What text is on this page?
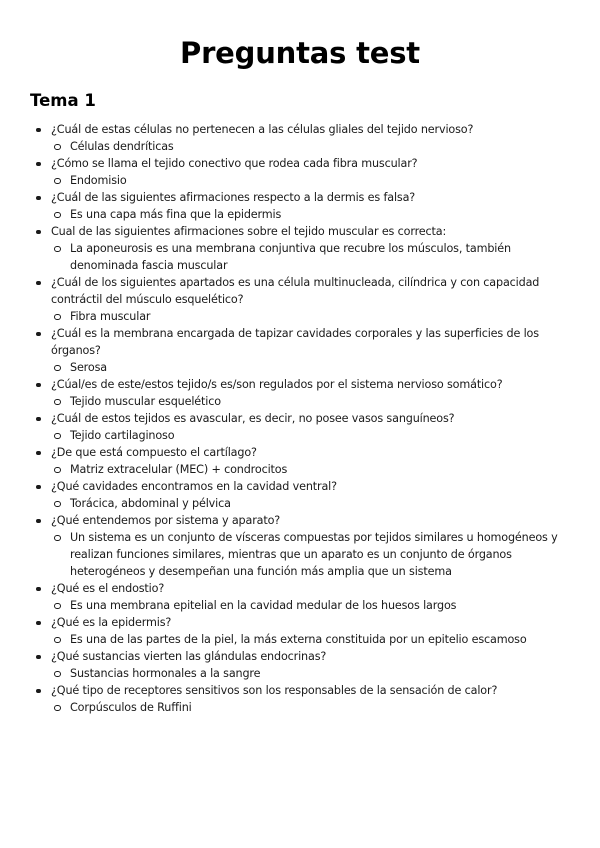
Preguntas test
Tema 1
¿Cuál de estas células no pertenecen a las células gliales del tejido nervioso?
Células dendríticas
¿Cómo se llama el tejido conectivo que rodea cada fibra muscular?
Endomisio
¿Cuál de las siguientes afirmaciones respecto a la dermis es falsa?
Es una capa más fina que la epidermis
Cual de las siguientes afirmaciones sobre el tejido muscular es correcta:
La aponeurosis es una membrana conjuntiva que recubre los músculos, también denominada fascia muscular
¿Cuál de los siguientes apartados es una célula multinucleada, cilíndrica y con capacidad contráctil del músculo esquelético?
Fibra muscular
¿Cuál es la membrana encargada de tapizar cavidades corporales y las superficies de los órganos?
Serosa
¿Cúal/es de este/estos tejido/s es/son regulados por el sistema nervioso somático?
Tejido muscular esquelético
¿Cuál de estos tejidos es avascular, es decir, no posee vasos sanguíneos?
Tejido cartilaginoso
¿De que está compuesto el cartílago?
Matriz extracelular (MEC) + condrocitos
¿Qué cavidades encontramos en la cavidad ventral?
Torácica, abdominal y pélvica
¿Qué entendemos por sistema y aparato?
Un sistema es un conjunto de vísceras compuestas por tejidos similares u homogéneos y realizan funciones similares, mientras que un aparato es un conjunto de órganos heterogéneos y desempeñan una función más amplia que un sistema
¿Qué es el endostio?
Es una membrana epitelial en la cavidad medular de los huesos largos
¿Qué es la epidermis?
Es una de las partes de la piel, la más externa constituida por un epitelio escamoso
¿Qué sustancias vierten las glándulas endocrinas?
Sustancias hormonales a la sangre
¿Qué tipo de receptores sensitivos son los responsables de la sensación de calor?
Corpúsculos de Ruffini
